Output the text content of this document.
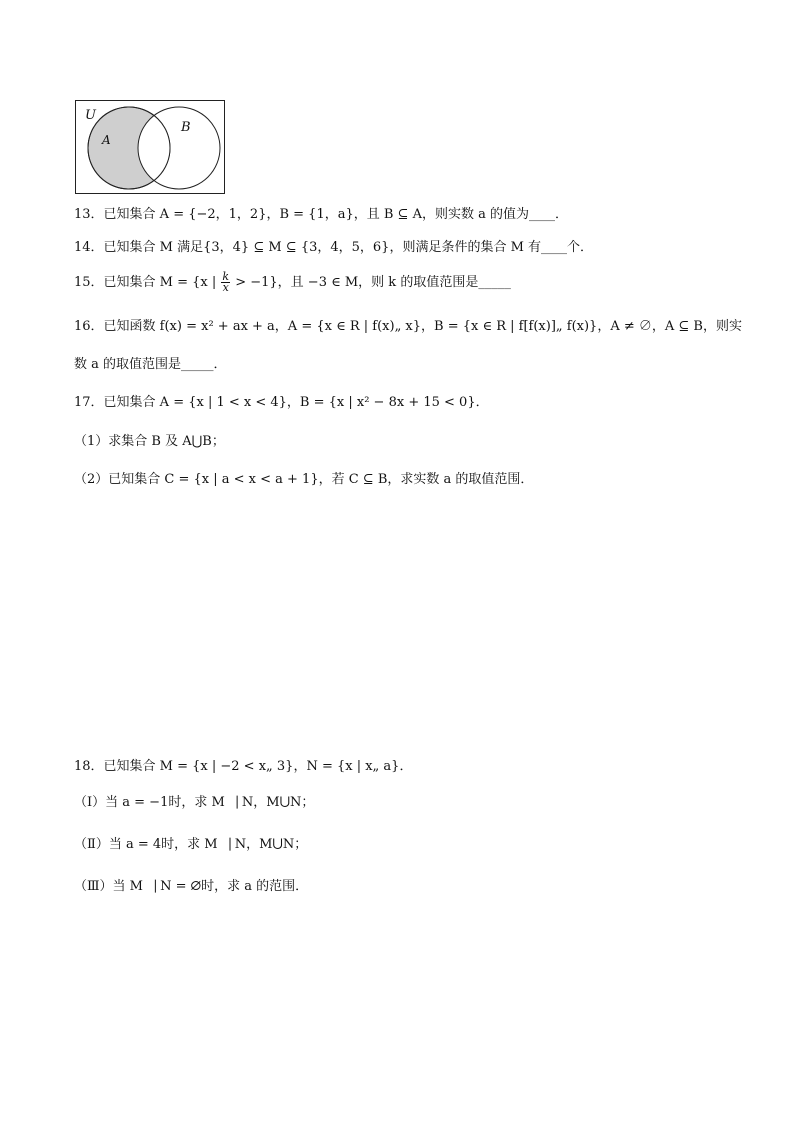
U
A
B
13．已知集合 A = {−2，1，2}，B = {1，a}，且 B ⊆ A，则实数 a 的值为____．
14．已知集合 M 满足{3，4} ⊆ M ⊆ {3，4，5，6}，则满足条件的集合 M 有____个．
15．已知集合 M = {x | $\frac{k}{x} > -1$}，且 −3 ∈ M，则 k 的取值范围是_____
16．已知函数 f(x) = x² + ax + a，A = {x ∈ R | f(x)„ x}，B = {x ∈ R | f[f(x)]„ f(x)}，A ≠ ∅，A ⊆ B，则实
数 a 的取值范围是_____．
17．已知集合 A = {x | 1 < x < 4}，B = {x | x² − 8x + 15 < 0}．
（1）求集合 B 及 A⋃B；
（2）已知集合 C = {x | a < x < a + 1}，若 C ⊆ B，求实数 a 的取值范围．
18．已知集合 M = {x | −2 < x„ 3}，N = {x | x„ a}．
（Ⅰ）当 a = −1时，求 M⎹ N，M⋃N；
（Ⅱ）当 a = 4时，求 M⎹ N，M⋃N；
（Ⅲ）当 M⎹ N = ∅时，求 a 的范围．
